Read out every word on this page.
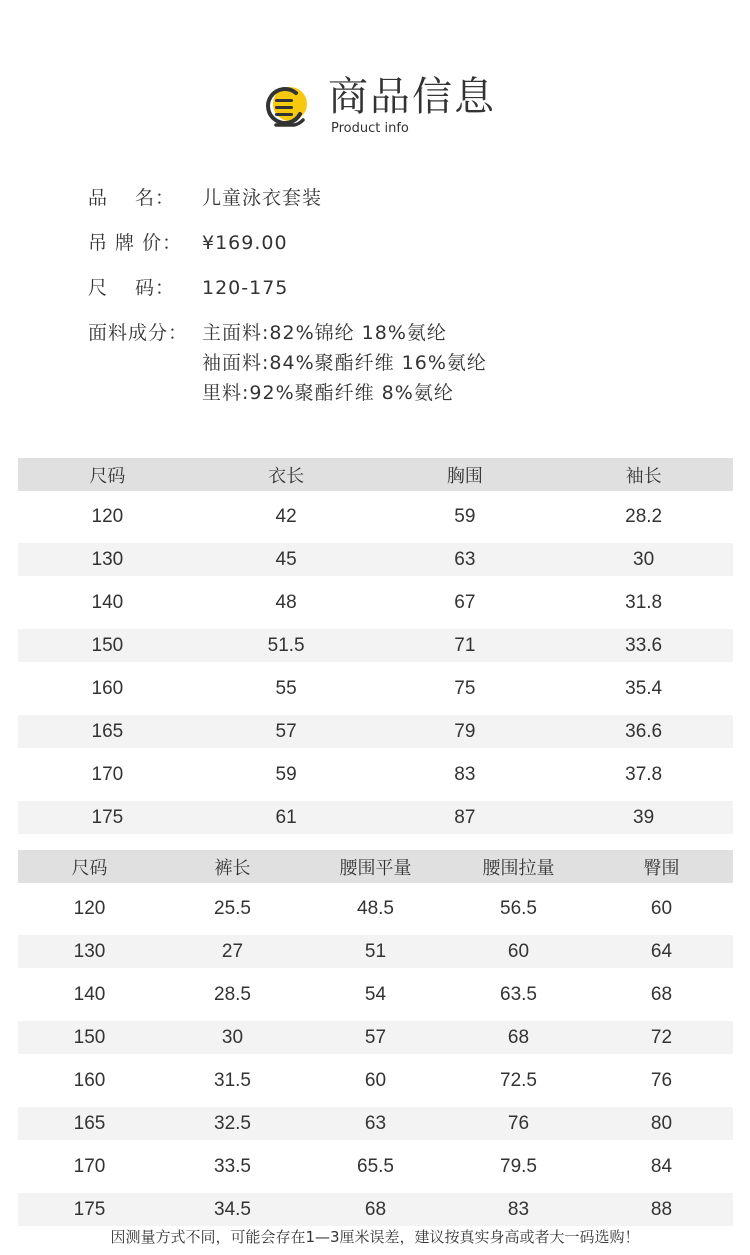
商品信息
Product info
品　 名：	儿童泳衣套装
吊 牌 价：	¥169.00
尺　 码：	120-175
面料成分： 主面料:82%锦纶 18%氨纶
袖面料:84%聚酯纤维 16%氨纶
里料:92%聚酯纤维 8%氨纶
尺码	衣长	胸围	袖长
120	42	59	28.2
130	45	63	30
140	48	67	31.8
150	51.5	71	33.6
160	55	75	35.4
165	57	79	36.6
170	59	83	37.8
175	61	87	39
尺码	裤长	腰围平量	腰围拉量	臀围
120	25.5	48.5	56.5	60
130	27	51	60	64
140	28.5	54	63.5	68
150	30	57	68	72
160	31.5	60	72.5	76
165	32.5	63	76	80
170	33.5	65.5	79.5	84
175	34.5	68	83	88
因测量方式不同，可能会存在1—3厘米误差，建议按真实身高或者大一码选购！
